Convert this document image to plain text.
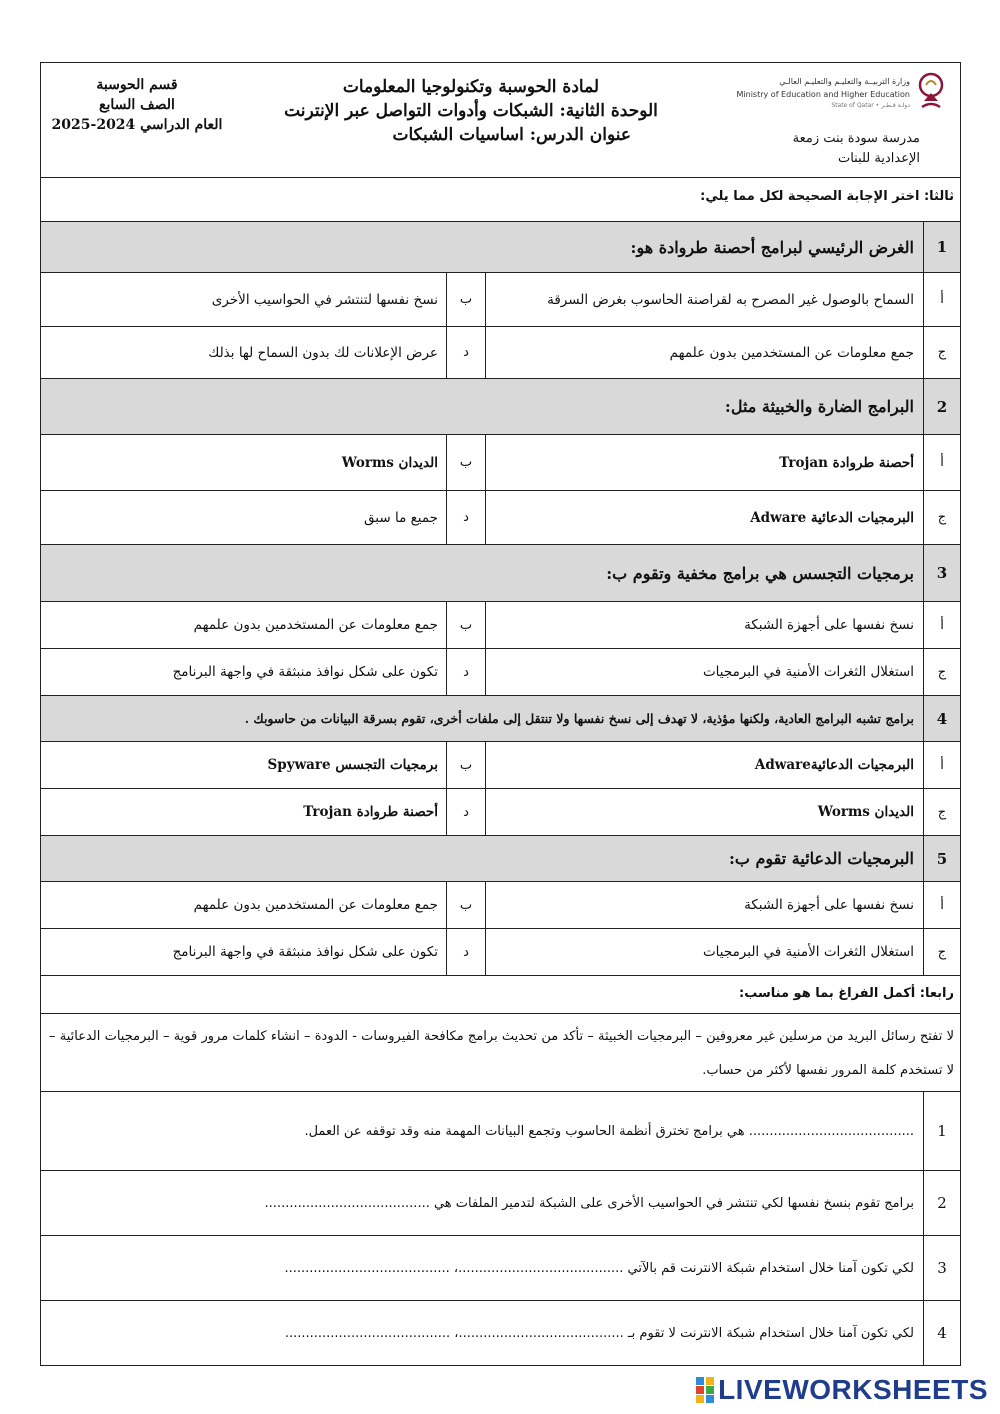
قسم الحوسبة
الصف السابع
العام الدراسي 2024-2025
لمادة الحوسبة وتكنولوجيا المعلومات
الوحدة الثانية: الشبكات وأدوات التواصل عبر الإنترنت
عنوان الدرس: اساسيات الشبكات
وزارة التربيــة والتعليـم والتعليـم العالـي
Ministry of Education and Higher Education
State of Qatar • دولـة قـطـر
مدرسة سودة بنت زمعة
الإعدادية للبنات
ثالثا: اختر الإجابة الصحيحة لكل مما يلي:
1
الغرض الرئيسي لبرامج أحصنة طروادة هو:
أ
السماح بالوصول غير المصرح به لقراصنة الحاسوب بغرض السرقة
ب
نسخ نفسها لتنتشر في الحواسيب الأخرى
ج
جمع معلومات عن المستخدمين بدون علمهم
د
عرض الإعلانات لك بدون السماح لها بذلك
2
البرامج الضارة والخبيثة مثل:
أ
أحصنة طروادة Trojan
ب
الديدان Worms
ج
البرمجيات الدعائية Adware
د
جميع ما سبق
3
برمجيات التجسس هي برامج مخفية وتقوم ب:
أ
نسخ نفسها على أجهزة الشبكة
ب
جمع معلومات عن المستخدمين بدون علمهم
ج
استغلال الثغرات الأمنية في البرمجيات
د
تكون على شكل نوافذ منبثقة في واجهة البرنامج
4
برامج تشبه البرامج العادية، ولكنها مؤذية، لا تهدف إلى نسخ نفسها ولا تنتقل إلى ملفات أخرى، تقوم بسرقة البيانات من حاسوبك .
أ
البرمجيات الدعائيةAdware
ب
برمجيات التجسس Spyware
ج
الديدان Worms
د
أحصنة طروادة Trojan
5
البرمجيات الدعائية تقوم ب:
أ
نسخ نفسها على أجهزة الشبكة
ب
جمع معلومات عن المستخدمين بدون علمهم
ج
استغلال الثغرات الأمنية في البرمجيات
د
تكون على شكل نوافذ منبثقة في واجهة البرنامج
رابعا: أكمل الفراغ بما هو مناسب:
لا تفتح رسائل البريد من مرسلين غير معروفين – البرمجيات الخبيثة – تأكد من تحديث برامج مكافحة الفيروسات - الدودة – انشاء كلمات مرور قوية – البرمجيات الدعائية – لا تستخدم كلمة المرور نفسها لأكثر من حساب.
1
........................................ هي برامج تخترق أنظمة الحاسوب وتجمع البيانات المهمة منه وقد توقفه عن العمل.
2
برامج تقوم بنسخ نفسها لكي تنتشر في الحواسيب الأخرى على الشبكة لتدمير الملفات هي ........................................
3
لكي تكون آمنا خلال استخدام شبكة الانترنت قم بالآتي ........................................، ........................................
4
لكي تكون آمنا خلال استخدام شبكة الانترنت لا تقوم بـ ........................................، ........................................
LIVEWORKSHEETS
